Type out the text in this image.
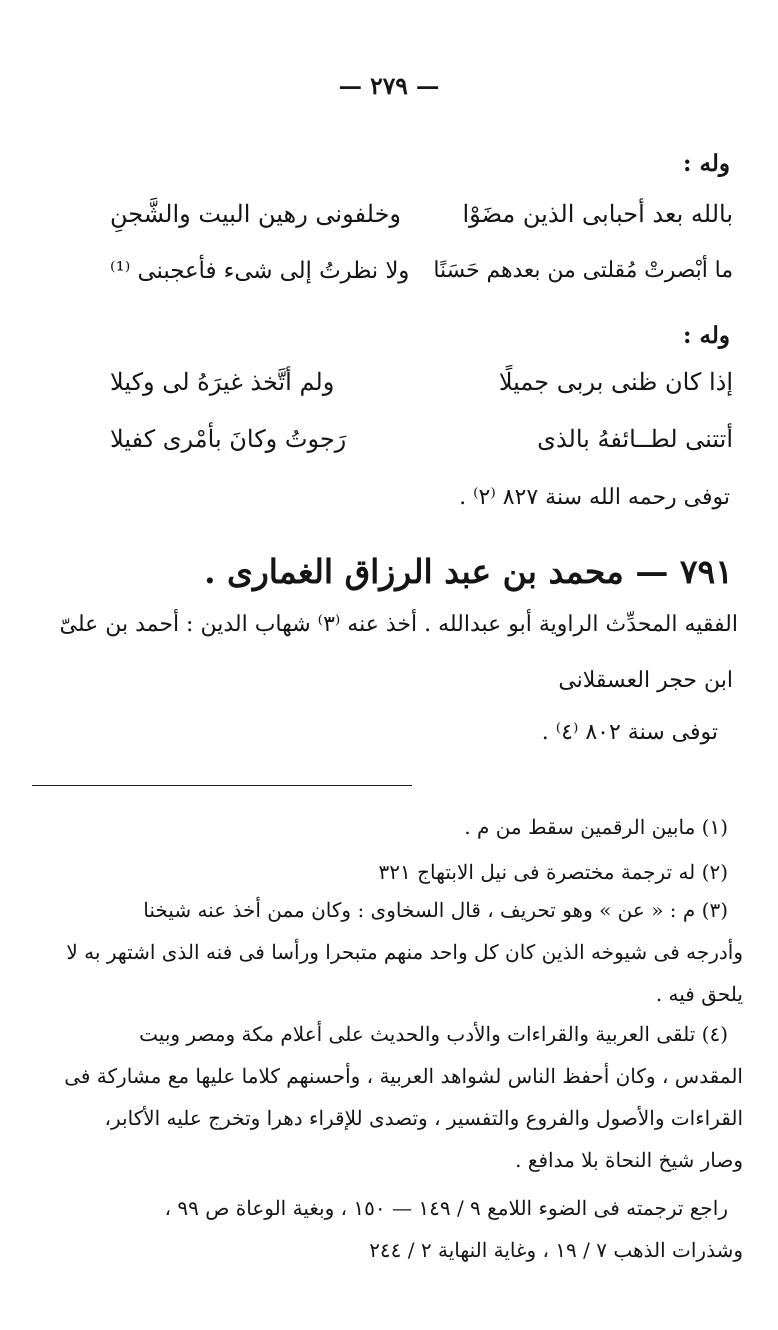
— ٢٧٩ —
وله :
بالله بعد أحبابى الذين مضَوْا
وخلفونى رهين البيت والشَّجنِ
ما أبْصرتْ مُقلتى من بعدهم حَسَنًا
ولا نظرتُ إلى شىء فأعجبنى ⁽¹⁾
وله :
إذا كان ظنى بربى جميلًا
ولم أتَّخذ غيرَهُ لى وكيلا
أتتنى لطــائفهُ بالذى
رَجوتُ وكانَ بأمْرى كفيلا
توفى رحمه الله سنة ٨٢٧ ⁽٢⁾ .
٧٩١ — محمد بن عبد الرزاق الغمارى .
الفقيه المحدِّث الراوية أبو عبدالله . أخذ عنه ⁽٣⁾ شهاب الدين : أحمد بن علىّ
ابن حجر العسقلانى
توفى سنة ٨٠٢ ⁽٤⁾ .
(١) مابين الرقمين سقط من م .
(٢) له ترجمة مختصرة فى نيل الابتهاج ٣٢١
(٣) م : « عن » وهو تحريف ، قال السخاوى : وكان ممن أخذ عنه شيخنا
وأدرجه فى شيوخه الذين كان كل واحد منهم متبحرا ورأسا فى فنه الذى اشتهر به لا
يلحق فيه .
(٤) تلقى العربية والقراءات والأدب والحديث على أعلام مكة ومصر وبيت
المقدس ، وكان أحفظ الناس لشواهد العربية ، وأحسنهم كلاما عليها مع مشاركة فى
القراءات والأصول والفروع والتفسير ، وتصدى للإقراء دهرا وتخرج عليه الأكابر،
وصار شيخ النحاة بلا مدافع .
راجع ترجمته فى الضوء اللامع ٩ / ١٤٩ — ١٥٠ ، وبغية الوعاة ص ٩٩ ،
وشذرات الذهب ٧ / ١٩ ، وغاية النهاية ٢ / ٢٤٤
